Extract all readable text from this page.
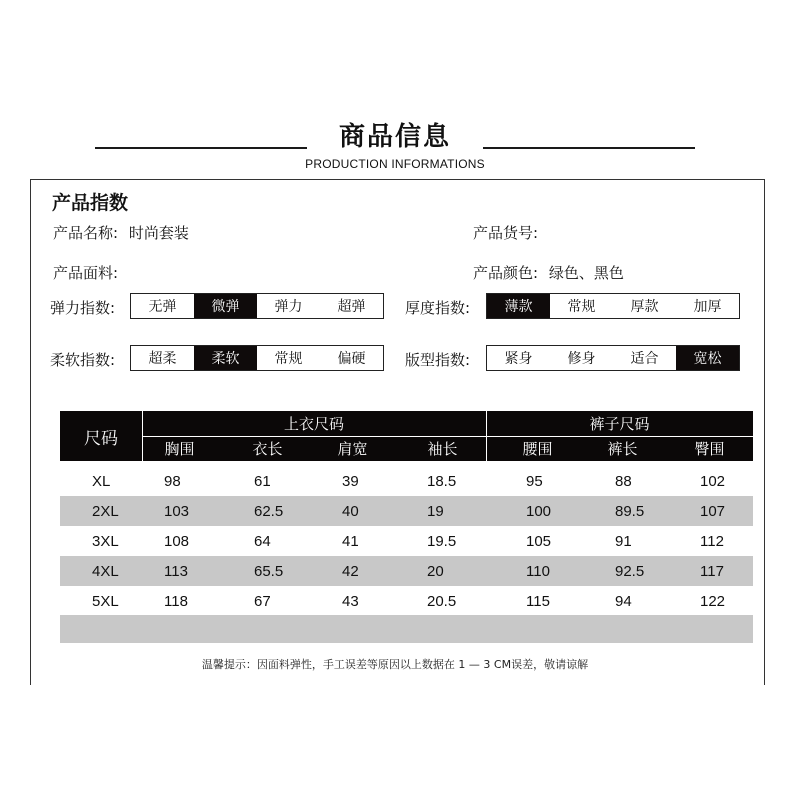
商品信息
PRODUCTION INFORMATIONS
产品指数
产品名称: 时尚套装	产品货号:
产品面料:	产品颜色: 绿色、黑色
弹力指数:	无弹	微弹	弹力	超弹	厚度指数:	薄款	常规	厚款	加厚
柔软指数:	超柔	柔软	常规	偏硬	版型指数:	紧身	修身	适合	宽松
尺码
上衣尺码	裤子尺码
胸围	衣长	肩宽	袖长	腰围	裤长	臀围
XL	98	61	39	18.5	95	88	102
2XL	103	62.5	40	19	100	89.5	107
3XL	108	64	41	19.5	105	91	112
4XL	113	65.5	42	20	110	92.5	117
5XL	118	67	43	20.5	115	94	122
温馨提示：因面料弹性，手工误差等原因以上数据在 1 — 3 CM误差，敬请谅解
